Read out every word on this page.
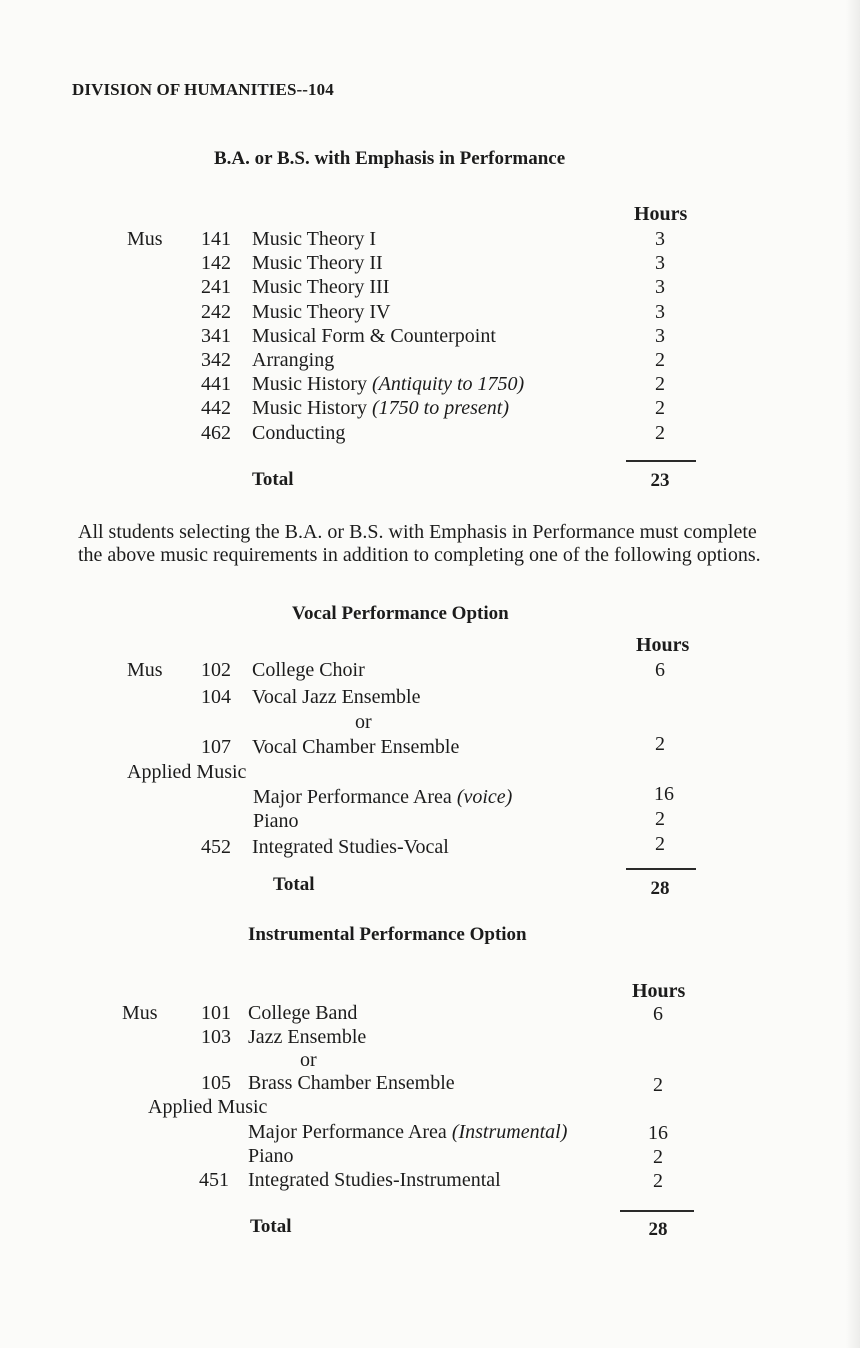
DIVISION OF HUMANITIES--104
B.A. or B.S. with Emphasis in Performance
Hours
Mus 141 Music Theory I	3
142 Music Theory II	3
241 Music Theory III	3
242 Music Theory IV	3
341 Musical Form & Counterpoint	3
342 Arranging	2
441 Music History (Antiquity to 1750)	2
442 Music History (1750 to present)	2
462 Conducting	2
Total	23
All students selecting the B.A. or B.S. with Emphasis in Performance must complete the above music requirements in addition to completing one of the following options.
Vocal Performance Option
Hours
Mus 102 College Choir	6
104 Vocal Jazz Ensemble
or
107 Vocal Chamber Ensemble	2
Applied Music
Major Performance Area (voice)	16
Piano	2
452 Integrated Studies-Vocal	2
Total	28
Instrumental Performance Option
Hours
Mus 101 College Band	6
103 Jazz Ensemble
or
105 Brass Chamber Ensemble	2
Applied Music
Major Performance Area (Instrumental)	16
Piano	2
451 Integrated Studies-Instrumental	2
Total	28
